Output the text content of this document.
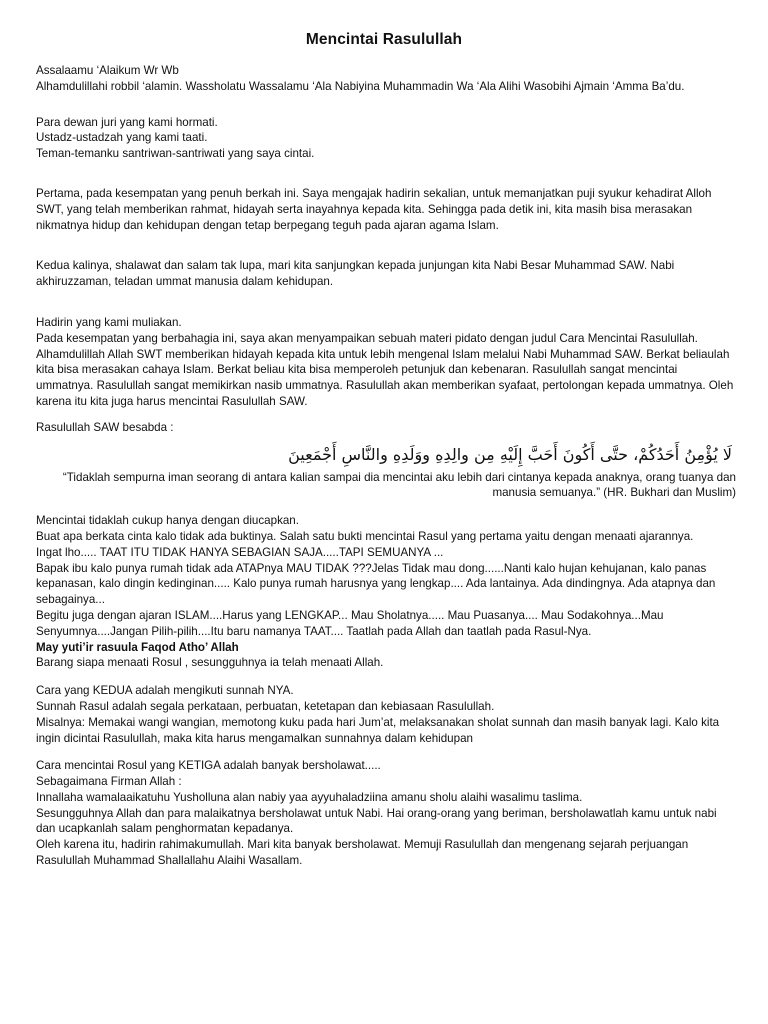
Mencintai Rasulullah

Assalaamu ‘Alaikum Wr Wb
Alhamdulillahi robbil ‘alamin. Wassholatu Wassalamu ‘Ala Nabiyina Muhammadin Wa ‘Ala Alihi Wasobihi Ajmain ‘Amma Ba’du.

Para dewan juri yang kami hormati.
Ustadz-ustadzah yang kami taati.
Teman-temanku santriwan-santriwati yang saya cintai.

Pertama, pada kesempatan yang penuh berkah ini. Saya mengajak hadirin sekalian, untuk memanjatkan puji syukur kehadirat Alloh SWT, yang telah memberikan rahmat, hidayah serta inayahnya kepada kita. Sehingga pada detik ini, kita masih bisa merasakan nikmatnya hidup dan kehidupan dengan tetap berpegang teguh pada ajaran agama Islam.

Kedua kalinya, shalawat dan salam tak lupa, mari kita sanjungkan kepada junjungan kita Nabi Besar Muhammad SAW. Nabi akhiruzzaman, teladan ummat manusia dalam kehidupan.

Hadirin yang kami muliakan.
Pada kesempatan yang berbahagia ini, saya akan menyampaikan sebuah materi pidato dengan judul Cara Mencintai Rasulullah.
Alhamdulillah Allah SWT memberikan hidayah kepada kita untuk lebih mengenal Islam melalui Nabi Muhammad SAW. Berkat beliaulah kita bisa merasakan cahaya Islam. Berkat beliau kita bisa memperoleh petunjuk dan kebenaran. Rasulullah sangat mencintai ummatnya. Rasulullah sangat memikirkan nasib ummatnya. Rasulullah akan memberikan syafaat, pertolongan kepada ummatnya. Oleh karena itu kita juga harus mencintai Rasulullah SAW.

Rasulullah SAW besabda :

لَا يُؤْمِنُ أَحَدُكُمْ، حتَّى أَكُونَ أَحَبَّ إِلَيْهِ مِن والِدِهِ ووَلَدِهِ والنَّاسِ أَجْمَعِينَ

“Tidaklah sempurna iman seorang di antara kalian sampai dia mencintai aku lebih dari cintanya kepada anaknya, orang tuanya dan manusia semuanya.” (HR. Bukhari dan Muslim)

Mencintai tidaklah cukup hanya dengan diucapkan.
Buat apa berkata cinta kalo tidak ada buktinya. Salah satu bukti mencintai Rasul yang pertama yaitu dengan menaati ajarannya.
Ingat lho..... TAAT ITU TIDAK HANYA SEBAGIAN SAJA.....TAPI SEMUANYA ...
Bapak ibu kalo punya rumah tidak ada ATAPnya MAU TIDAK ???Jelas Tidak mau dong......Nanti kalo hujan kehujanan, kalo panas kepanasan, kalo dingin kedinginan..... Kalo punya rumah harusnya yang lengkap.... Ada lantainya. Ada dindingnya. Ada atapnya dan sebagainya...
Begitu juga dengan ajaran ISLAM....Harus yang LENGKAP... Mau Sholatnya..... Mau Puasanya.... Mau Sodakohnya...Mau Senyumnya....Jangan Pilih-pilih....Itu baru namanya TAAT.... Taatlah pada Allah dan taatlah pada Rasul-Nya.

May yuti’ir rasuula Faqod Atho’ Allah

Barang siapa menaati Rosul , sesungguhnya ia telah menaati Allah.

Cara yang KEDUA adalah mengikuti sunnah NYA.
Sunnah Rasul adalah segala perkataan, perbuatan, ketetapan dan kebiasaan Rasulullah.
Misalnya: Memakai wangi wangian, memotong kuku pada hari Jum’at, melaksanakan sholat sunnah dan masih banyak lagi. Kalo kita ingin dicintai Rasulullah, maka kita harus mengamalkan sunnahnya dalam kehidupan

Cara mencintai Rosul yang KETIGA adalah banyak bersholawat.....
Sebagaimana Firman Allah :
Innallaha wamalaaikatuhu Yusholluna alan nabiy yaa ayyuhaladziina amanu sholu alaihi wasalimu taslima.
Sesungguhnya Allah dan para malaikatnya bersholawat untuk Nabi. Hai orang-orang yang beriman, bersholawatlah kamu untuk nabi dan ucapkanlah salam penghormatan kepadanya.
Oleh karena itu, hadirin rahimakumullah. Mari kita banyak bersholawat. Memuji Rasulullah dan mengenang sejarah perjuangan Rasulullah Muhammad Shallallahu Alaihi Wasallam.
